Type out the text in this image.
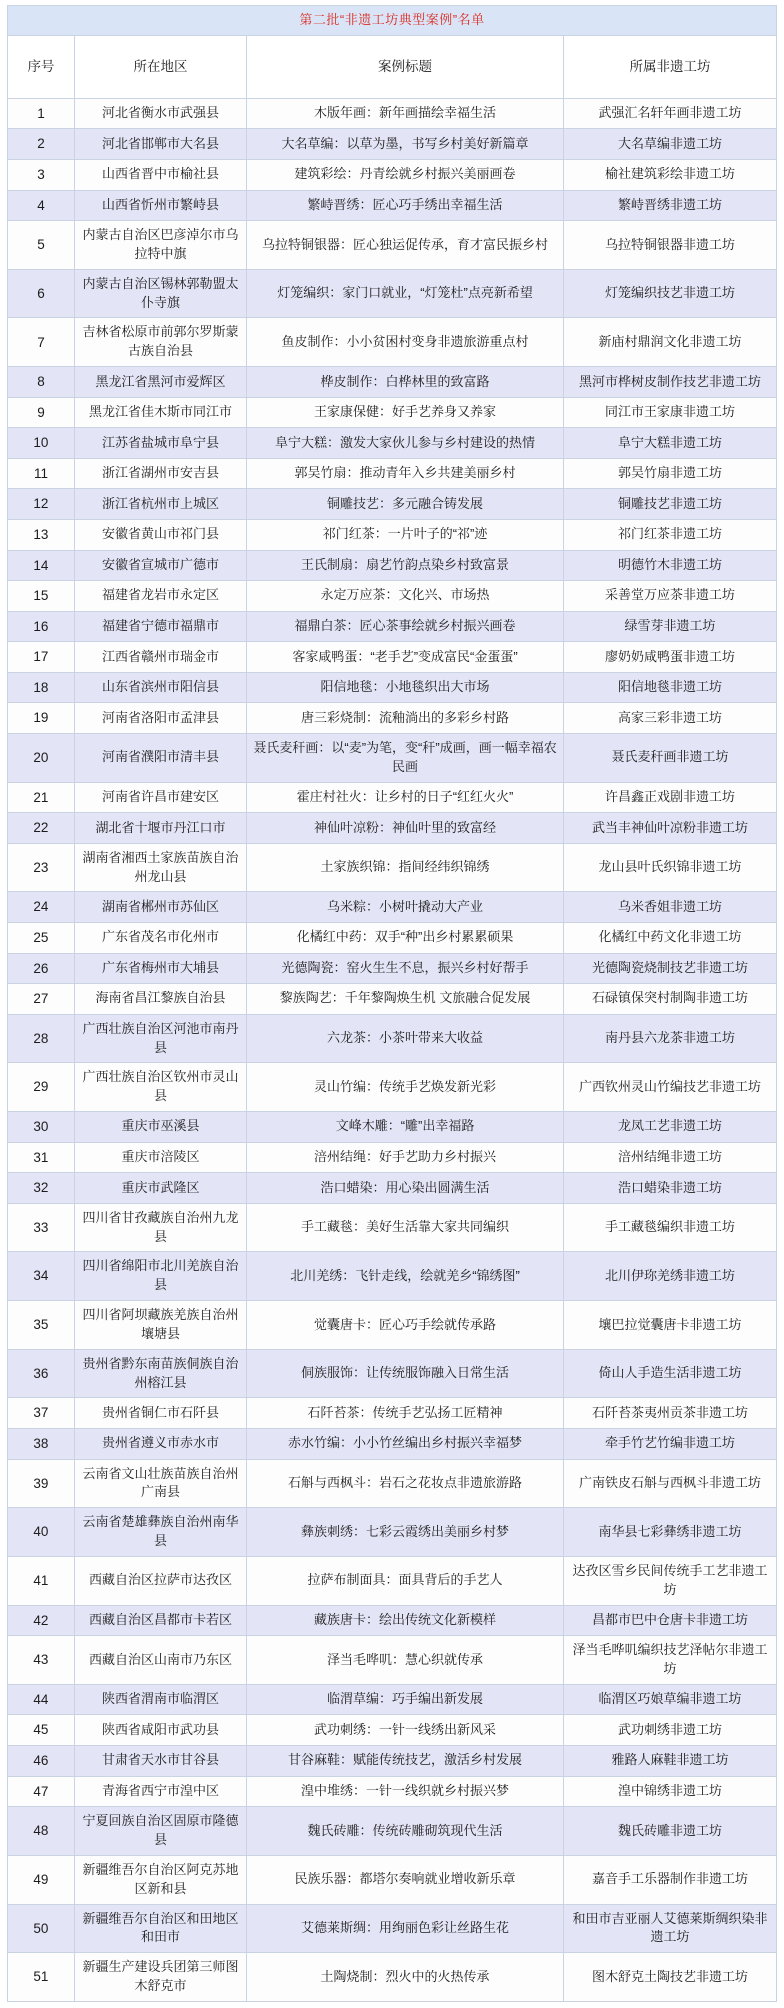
第二批“非遗工坊典型案例”名单			
序号	所在地区	案例标题	所属非遗工坊
1	河北省衡水市武强县	木版年画：新年画描绘幸福生活	武强汇名轩年画非遗工坊
2	河北省邯郸市大名县	大名草编：以草为墨，书写乡村美好新篇章	大名草编非遗工坊
3	山西省晋中市榆社县	建筑彩绘：丹青绘就乡村振兴美丽画卷	榆社建筑彩绘非遗工坊
4	山西省忻州市繁峙县	繁峙晋绣：匠心巧手绣出幸福生活	繁峙晋绣非遗工坊
5	内蒙古自治区巴彦淖尔市乌拉特中旗	乌拉特铜银器：匠心独运促传承，育才富民振乡村	乌拉特铜银器非遗工坊
6	内蒙古自治区锡林郭勒盟太仆寺旗	灯笼编织：家门口就业，“灯笼杜”点亮新希望	灯笼编织技艺非遗工坊
7	吉林省松原市前郭尔罗斯蒙古族自治县	鱼皮制作：小小贫困村变身非遗旅游重点村	新庙村鼎润文化非遗工坊
8	黑龙江省黑河市爱辉区	桦皮制作：白桦林里的致富路	黑河市桦树皮制作技艺非遗工坊
9	黑龙江省佳木斯市同江市	王家康保健：好手艺养身又养家	同江市王家康非遗工坊
10	江苏省盐城市阜宁县	阜宁大糕：激发大家伙儿参与乡村建设的热情	阜宁大糕非遗工坊
11	浙江省湖州市安吉县	郭吴竹扇：推动青年入乡共建美丽乡村	郭吴竹扇非遗工坊
12	浙江省杭州市上城区	铜雕技艺：多元融合铸发展	铜雕技艺非遗工坊
13	安徽省黄山市祁门县	祁门红茶：一片叶子的“祁”迹	祁门红茶非遗工坊
14	安徽省宣城市广德市	王氏制扇：扇艺竹韵点染乡村致富景	明德竹木非遗工坊
15	福建省龙岩市永定区	永定万应茶：文化兴、市场热	采善堂万应茶非遗工坊
16	福建省宁德市福鼎市	福鼎白茶：匠心茶事绘就乡村振兴画卷	绿雪芽非遗工坊
17	江西省赣州市瑞金市	客家咸鸭蛋：“老手艺”变成富民“金蛋蛋”	廖奶奶咸鸭蛋非遗工坊
18	山东省滨州市阳信县	阳信地毯：小地毯织出大市场	阳信地毯非遗工坊
19	河南省洛阳市孟津县	唐三彩烧制：流釉淌出的多彩乡村路	高家三彩非遗工坊
20	河南省濮阳市清丰县	聂氏麦秆画：以“麦”为笔，变“秆”成画，画一幅幸福农民画	聂氏麦秆画非遗工坊
21	河南省许昌市建安区	霍庄村社火：让乡村的日子“红红火火”	许昌鑫正戏剧非遗工坊
22	湖北省十堰市丹江口市	神仙叶凉粉：神仙叶里的致富经	武当丰神仙叶凉粉非遗工坊
23	湖南省湘西土家族苗族自治州龙山县	土家族织锦：指间经纬织锦绣	龙山县叶氏织锦非遗工坊
24	湖南省郴州市苏仙区	乌米粽：小树叶撬动大产业	乌米香姐非遗工坊
25	广东省茂名市化州市	化橘红中药：双手“种”出乡村累累硕果	化橘红中药文化非遗工坊
26	广东省梅州市大埔县	光德陶瓷：窑火生生不息，振兴乡村好帮手	光德陶瓷烧制技艺非遗工坊
27	海南省昌江黎族自治县	黎族陶艺：千年黎陶焕生机 文旅融合促发展	石碌镇保突村制陶非遗工坊
28	广西壮族自治区河池市南丹县	六龙茶：小茶叶带来大收益	南丹县六龙茶非遗工坊
29	广西壮族自治区钦州市灵山县	灵山竹编：传统手艺焕发新光彩	广西钦州灵山竹编技艺非遗工坊
30	重庆市巫溪县	文峰木雕：“雕”出幸福路	龙凤工艺非遗工坊
31	重庆市涪陵区	涪州结绳：好手艺助力乡村振兴	涪州结绳非遗工坊
32	重庆市武隆区	浩口蜡染：用心染出圆满生活	浩口蜡染非遗工坊
33	四川省甘孜藏族自治州九龙县	手工藏毯：美好生活靠大家共同编织	手工藏毯编织非遗工坊
34	四川省绵阳市北川羌族自治县	北川羌绣：飞针走线，绘就羌乡“锦绣图”	北川伊珎羌绣非遗工坊
35	四川省阿坝藏族羌族自治州壤塘县	觉囊唐卡：匠心巧手绘就传承路	壤巴拉觉囊唐卡非遗工坊
36	贵州省黔东南苗族侗族自治州榕江县	侗族服饰：让传统服饰融入日常生活	倚山人手造生活非遗工坊
37	贵州省铜仁市石阡县	石阡苔茶：传统手艺弘扬工匠精神	石阡苔茶夷州贡茶非遗工坊
38	贵州省遵义市赤水市	赤水竹编：小小竹丝编出乡村振兴幸福梦	牵手竹艺竹编非遗工坊
39	云南省文山壮族苗族自治州广南县	石斛与西枫斗：岩石之花妆点非遗旅游路	广南铁皮石斛与西枫斗非遗工坊
40	云南省楚雄彝族自治州南华县	彝族刺绣：七彩云霞绣出美丽乡村梦	南华县七彩彝绣非遗工坊
41	西藏自治区拉萨市达孜区	拉萨布制面具：面具背后的手艺人	达孜区雪乡民间传统手工艺非遗工坊
42	西藏自治区昌都市卡若区	藏族唐卡：绘出传统文化新模样	昌都市巴中仓唐卡非遗工坊
43	西藏自治区山南市乃东区	泽当毛哗叽：慧心织就传承	泽当毛哗叽编织技艺泽帖尔非遗工坊
44	陕西省渭南市临渭区	临渭草编：巧手编出新发展	临渭区巧娘草编非遗工坊
45	陕西省咸阳市武功县	武功刺绣：一针一线绣出新风采	武功刺绣非遗工坊
46	甘肃省天水市甘谷县	甘谷麻鞋：赋能传统技艺，激活乡村发展	雅路人麻鞋非遗工坊
47	青海省西宁市湟中区	湟中堆绣：一针一线织就乡村振兴梦	湟中锦绣非遗工坊
48	宁夏回族自治区固原市隆德县	魏氏砖雕：传统砖雕砌筑现代生活	魏氏砖雕非遗工坊
49	新疆维吾尔自治区阿克苏地区新和县	民族乐器：都塔尔奏响就业增收新乐章	嘉音手工乐器制作非遗工坊
50	新疆维吾尔自治区和田地区和田市	艾德莱斯绸：用绚丽色彩让丝路生花	和田市吉亚丽人艾德莱斯绸织染非遗工坊
51	新疆生产建设兵团第三师图木舒克市	土陶烧制：烈火中的火热传承	图木舒克土陶技艺非遗工坊
